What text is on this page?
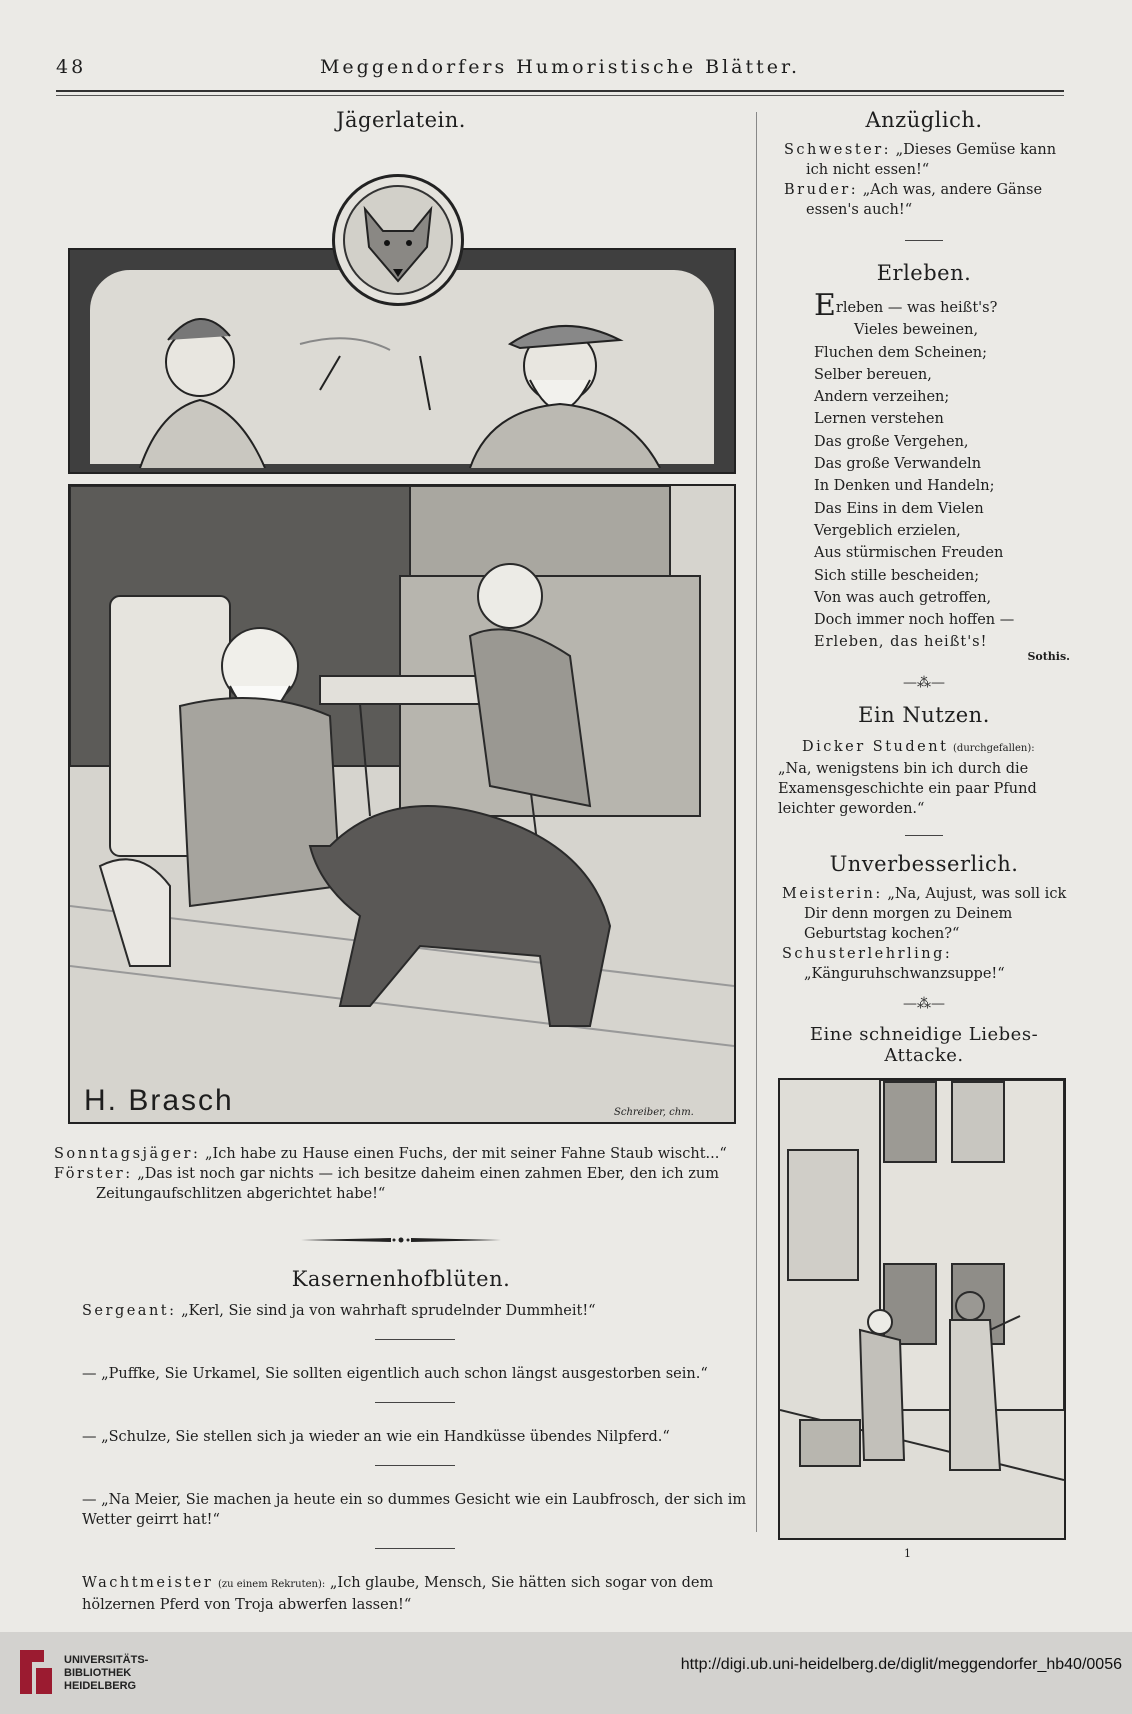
48	Meggendorfers Humoristische Blätter.
Jägerlatein.
H. Brasch	Schreiber, chm.

Sonntagsjäger: „Ich habe zu Hause einen Fuchs, der mit seiner Fahne Staub wischt...“

Förster: „Das ist noch gar nichts — ich besitze daheim einen zahmen Eber, den ich zum Zeitungaufschlitzen abgerichtet habe!“

Kasernenhofblüten.

Sergeant: „Kerl, Sie sind ja von wahrhaft sprudelnder Dummheit!“

— „Puffke, Sie Urkamel, Sie sollten eigentlich auch schon längst ausgestorben sein.“

— „Schulze, Sie stellen sich ja wieder an wie ein Handküsse übendes Nilpferd.“

— „Na Meier, Sie machen ja heute ein so dummes Gesicht wie ein Laubfrosch, der sich im Wetter geirrt hat!“

Wachtmeister (zu einem Rekruten): „Ich glaube, Mensch, Sie hätten sich sogar von dem hölzernen Pferd von Troja abwerfen lassen!“

Anzüglich.

Schwester: „Dieses Gemüse kann ich nicht essen!“

Bruder: „Ach was, andere Gänse essen's auch!“

Erleben.

Erleben — was heißt's?

Vieles beweinen,

Fluchen dem Scheinen;

Selber bereuen,

Andern verzeihen;

Lernen verstehen

Das große Vergehen,

Das große Verwandeln

In Denken und Handeln;

Das Eins in dem Vielen

Vergeblich erzielen,

Aus stürmischen Freuden

Sich stille bescheiden;

Von was auch getroffen,

Doch immer noch hoffen —

Erleben, das heißt's!

Sothis.
—⁂—
Ein Nutzen.

Dicker Student (durchgefallen): „Na, wenigstens bin ich durch die Examensgeschichte ein paar Pfund leichter geworden.“

Unverbesserlich.

Meisterin: „Na, Aujust, was soll ick Dir denn morgen zu Deinem Geburtstag kochen?“

Schusterlehrling: „Känguruhschwanzsuppe!“

—⁂—
Eine schneidige Liebes-Attacke.
1
UNIVERSITÄTS-
BIBLIOTHEK
HEIDELBERG
http://digi.ub.uni-heidelberg.de/diglit/meggendorfer_hb40/0056
